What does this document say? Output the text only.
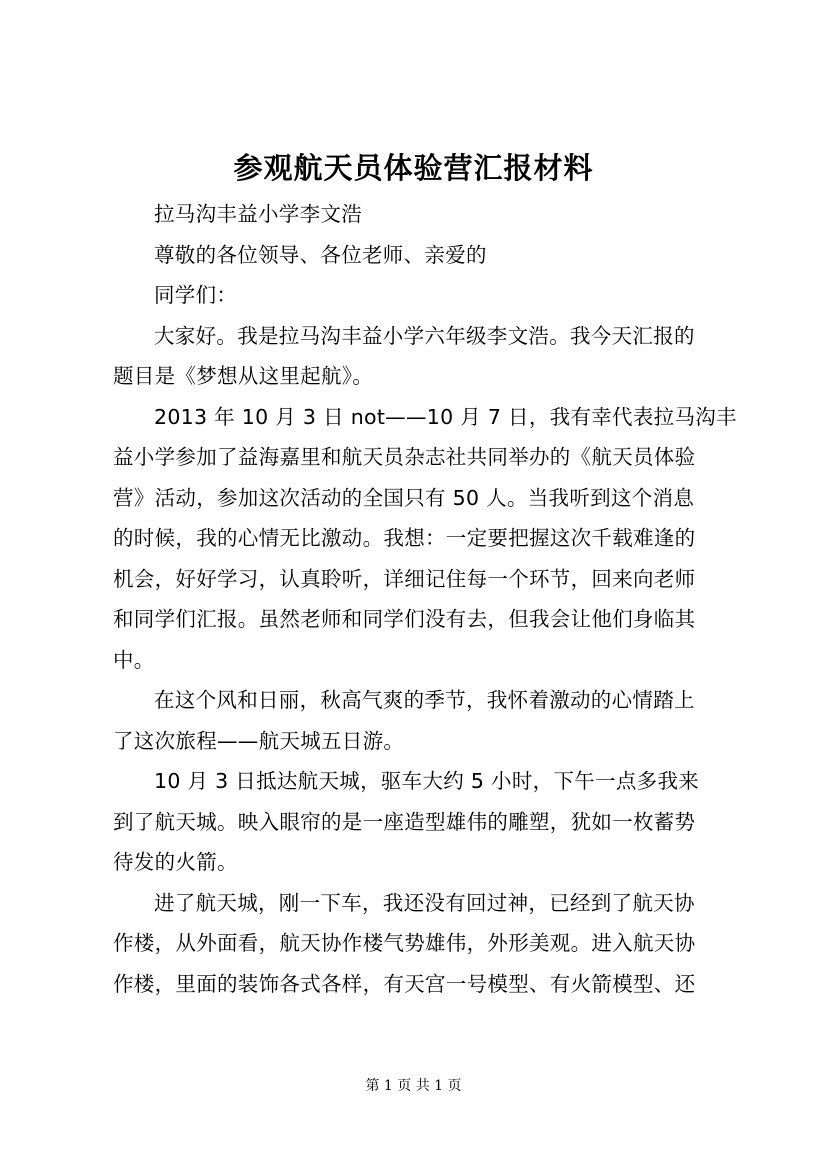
参观航天员体验营汇报材料
拉马沟丰益小学李文浩
尊敬的各位领导、各位老师、亲爱的
同学们：
大家好。我是拉马沟丰益小学六年级李文浩。我今天汇报的
题目是《梦想从这里起航》。
2013 年 10 月 3 日 not——10 月 7 日，我有幸代表拉马沟丰
益小学参加了益海嘉里和航天员杂志社共同举办的《航天员体验
营》活动，参加这次活动的全国只有 50 人。当我听到这个消息
的时候，我的心情无比激动。我想：一定要把握这次千载难逢的
机会，好好学习，认真聆听，详细记住每一个环节，回来向老师
和同学们汇报。虽然老师和同学们没有去，但我会让他们身临其
中。
在这个风和日丽，秋高气爽的季节，我怀着激动的心情踏上
了这次旅程——航天城五日游。
10 月 3 日抵达航天城，驱车大约 5 小时，下午一点多我来
到了航天城。映入眼帘的是一座造型雄伟的雕塑，犹如一枚蓄势
待发的火箭。
进了航天城，刚一下车，我还没有回过神，已经到了航天协
作楼，从外面看，航天协作楼气势雄伟，外形美观。进入航天协
作楼，里面的装饰各式各样，有天宫一号模型、有火箭模型、还
第 1 页 共 1 页
